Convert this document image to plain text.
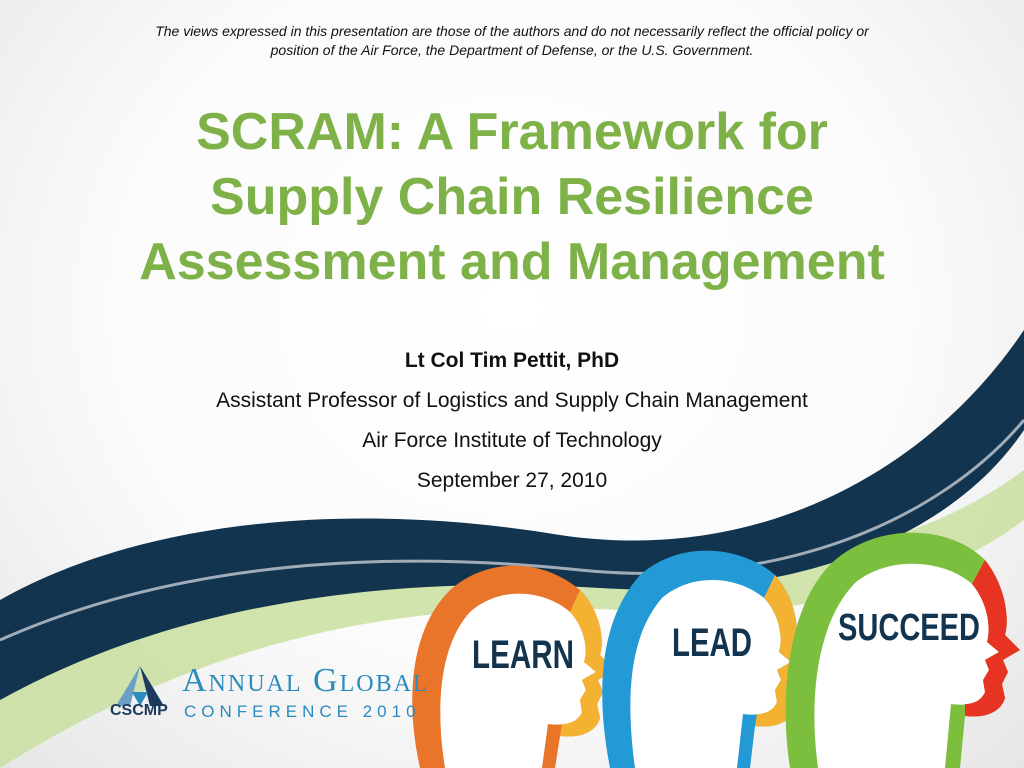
The views expressed in this presentation are those of the authors and do not necessarily reflect the official policy or
position of the Air Force, the Department of Defense, or the U.S. Government.
SCRAM: A Framework for
Supply Chain Resilience
Assessment and Management
Lt Col Tim Pettit, PhD
Assistant Professor of Logistics and Supply Chain Management
Air Force Institute of Technology
September 27, 2010
LEARN LEAD SUCCEED
CSCMP
Annual Global
CONFERENCE 2010
